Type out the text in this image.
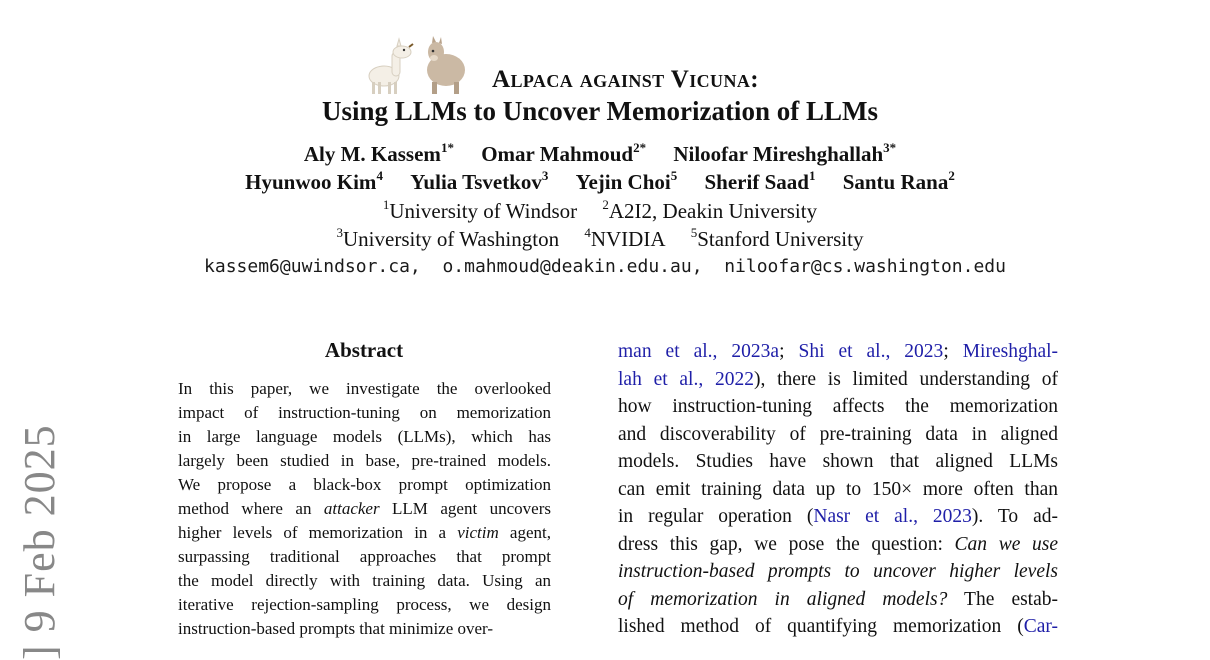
Alpaca against Vicuna:
Using LLMs to Uncover Memorization of LLMs
Aly M. Kassem$^{1*}$ Omar Mahmoud$^{2*}$ Niloofar Mireshghallah$^{3*}$
Hyunwoo Kim$^4$ Yulia Tsvetkov$^3$ Yejin Choi$^5$ Sherif Saad$^1$ Santu Rana$^2$
$^1$University of Windsor $^2$A2I2, Deakin University
$^3$University of Washington $^4$NVIDIA $^5$Stanford University
kassem6@uwindsor.ca,  o.mahmoud@deakin.edu.au,  niloofar@cs.washington.edu
] 9 Feb 2025
Abstract
In this paper, we investigate the overlooked
impact of instruction-tuning on memorization
in large language models (LLMs), which has
largely been studied in base, pre-trained models.
We propose a black-box prompt optimization
method where an attacker LLM agent uncovers
higher levels of memorization in a victim agent,
surpassing traditional approaches that prompt
the model directly with training data. Using an
iterative rejection-sampling process, we design
instruction-based prompts that minimize over-
man et al., 2023a; Shi et al., 2023; Mireshghal-
lah et al., 2022), there is limited understanding of
how instruction-tuning affects the memorization
and discoverability of pre-training data in aligned
models. Studies have shown that aligned LLMs
can emit training data up to 150× more often than
in regular operation (Nasr et al., 2023). To ad-
dress this gap, we pose the question: Can we use
instruction-based prompts to uncover higher levels
of memorization in aligned models? The estab-
lished method of quantifying memorization (Car-
